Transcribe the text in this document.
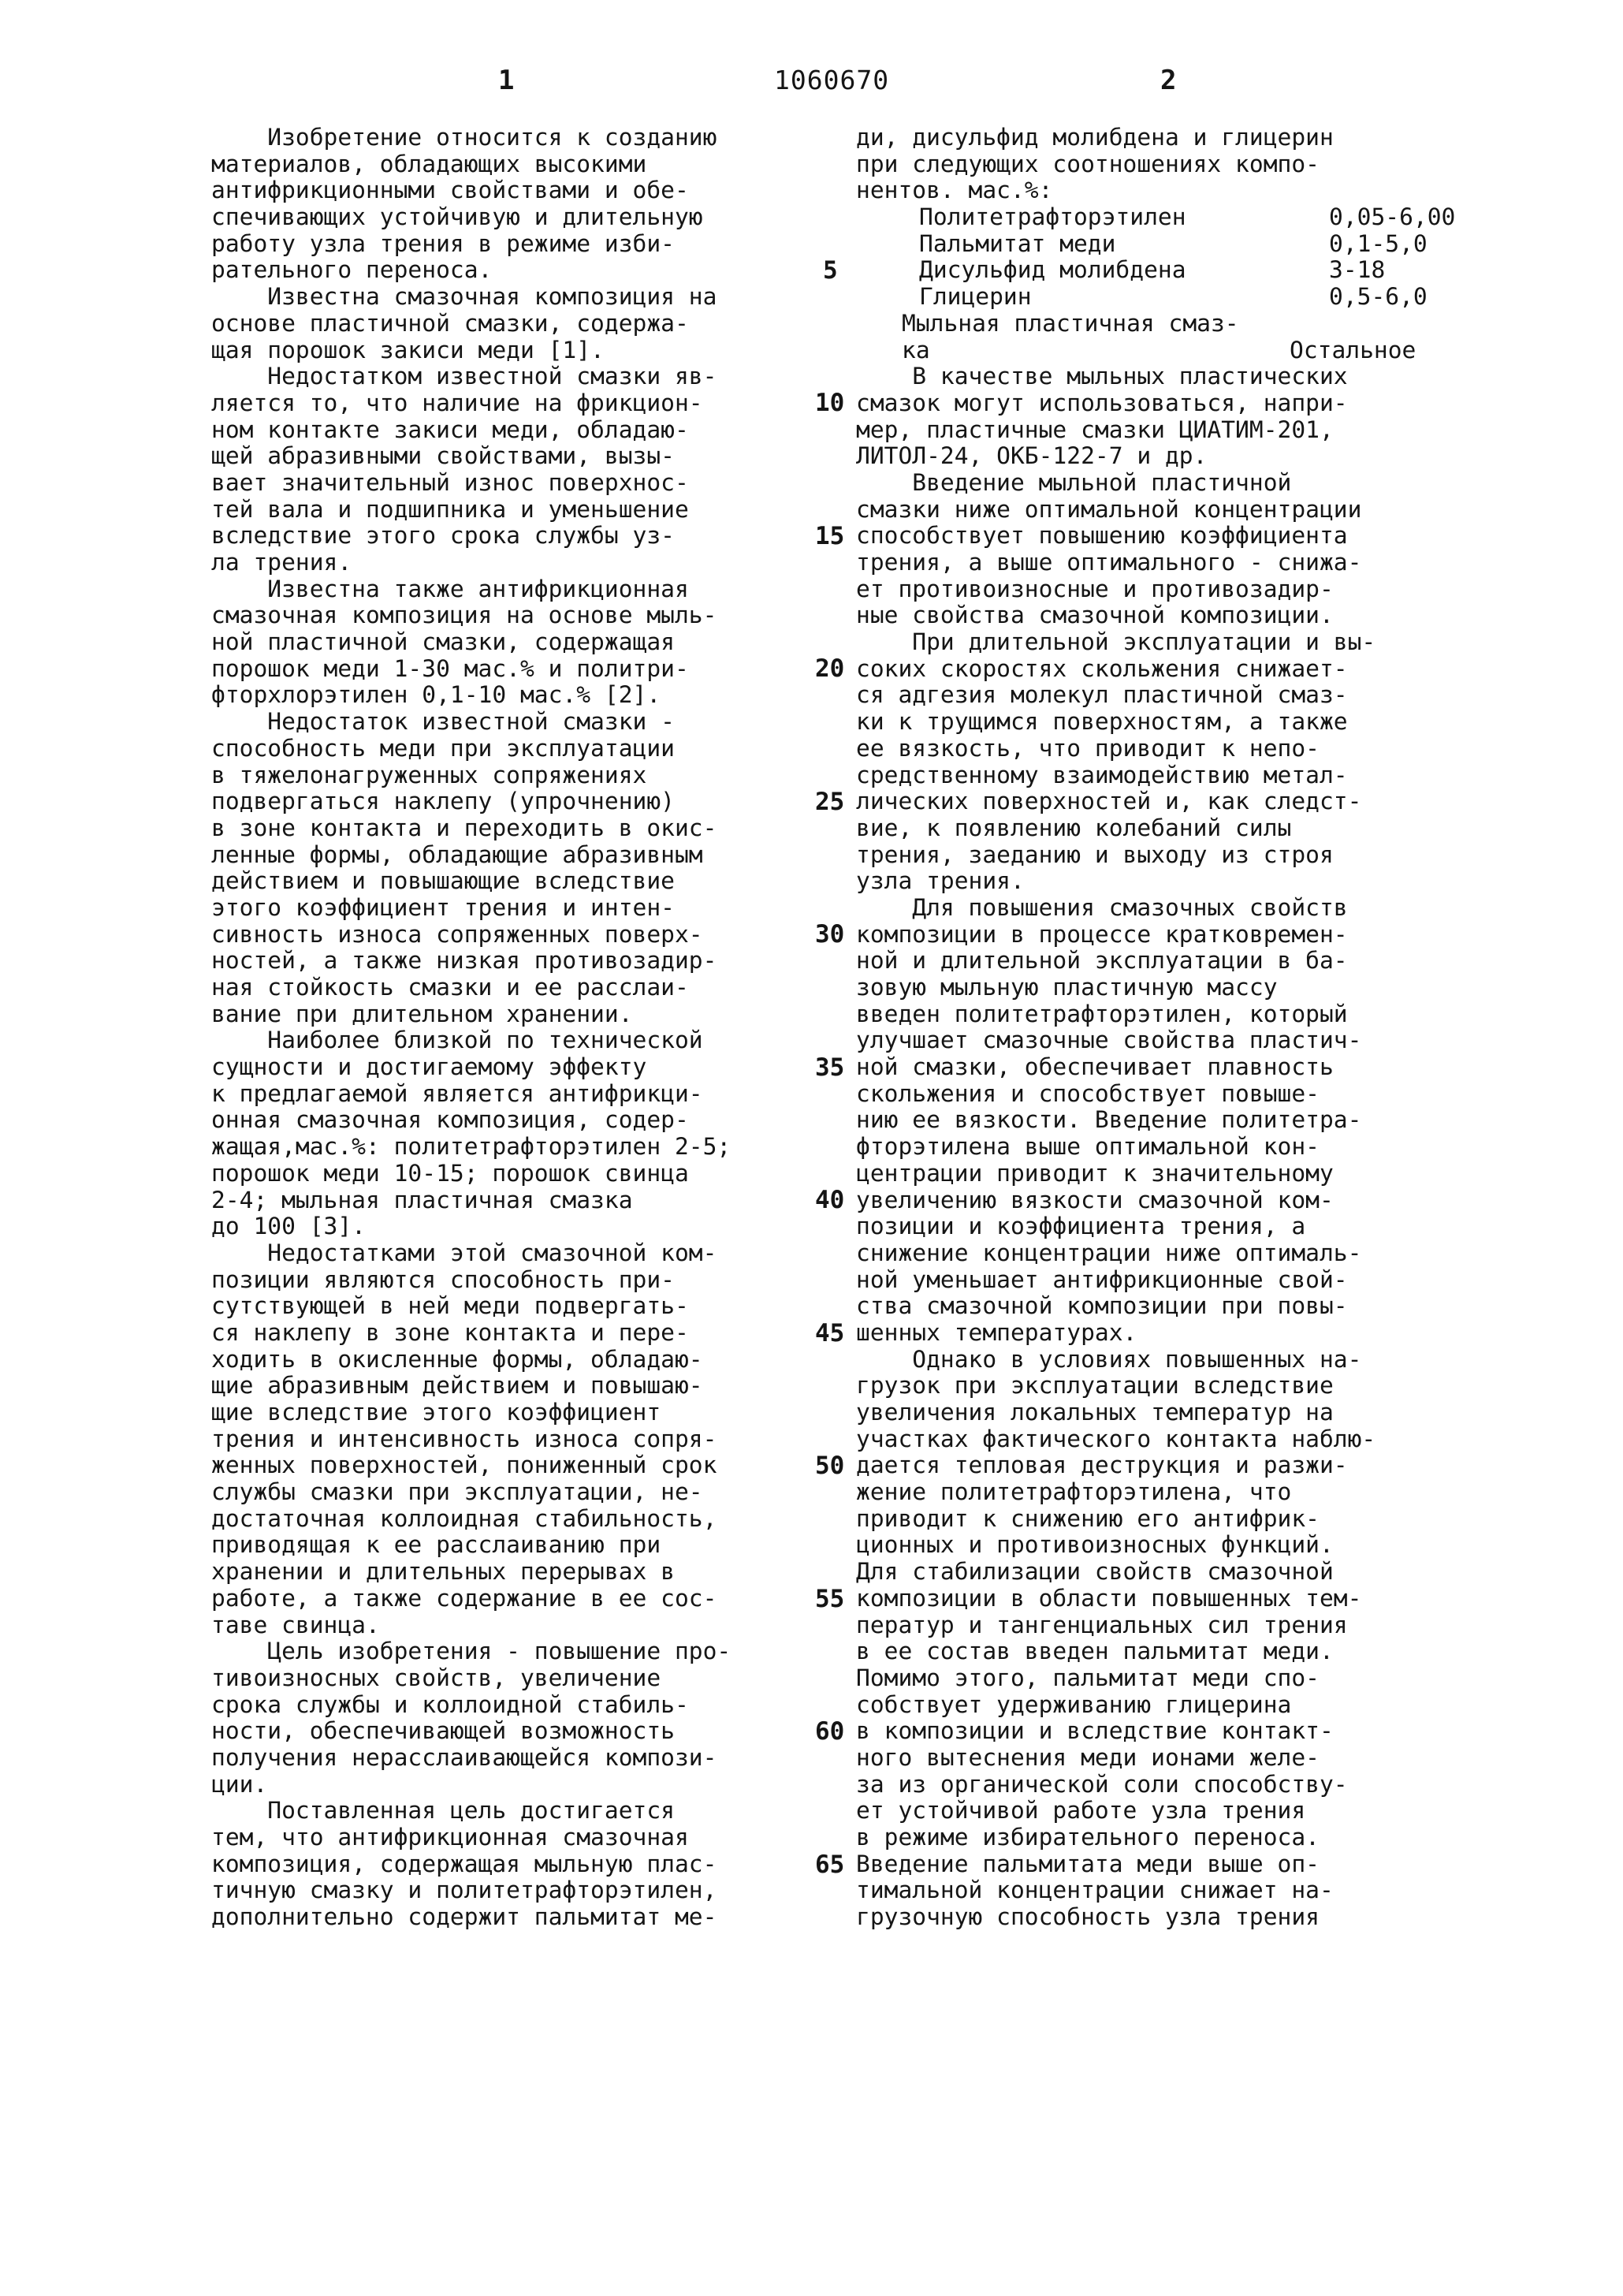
1	1060670	2
Изобретение относится к созданию
материалов, обладающих высокими
антифрикционными свойствами и обе-
спечивающих устойчивую и длительную
работу узла трения в режиме изби-
рательного переноса.
Известна смазочная композиция на
основе пластичной смазки, содержа-
щая порошок закиси меди [1].
Недостатком известной смазки яв-
ляется то, что наличие на фрикцион-
ном контакте закиси меди, обладаю-
щей абразивными свойствами, вызы-
вает значительный износ поверхнос-
тей вала и подшипника и уменьшение
вследствие этого срока службы уз-
ла трения.
Известна также антифрикционная
смазочная композиция на основе мыль-
ной пластичной смазки, содержащая
порошок меди 1-30 мас.% и политри-
фторхлорэтилен 0,1-10 мас.% [2].
Недостаток известной смазки -
способность меди при эксплуатации
в тяжелонагруженных сопряжениях
подвергаться наклепу (упрочнению)
в зоне контакта и переходить в окис-
ленные формы, обладающие абразивным
действием и повышающие вследствие
этого коэффициент трения и интен-
сивность износа сопряженных поверх-
ностей, а также низкая противозадир-
ная стойкость смазки и ее расслаи-
вание при длительном хранении.
Наиболее близкой по технической
сущности и достигаемому эффекту
к предлагаемой является антифрикци-
онная смазочная композиция, содер-
жащая,мас.%: политетрафторэтилен 2-5;
порошок меди 10-15; порошок свинца
2-4; мыльная пластичная смазка
до 100 [3].
Недостатками этой смазочной ком-
позиции являются способность при-
сутствующей в ней меди подвергать-
ся наклепу в зоне контакта и пере-
ходить в окисленные формы, обладаю-
щие абразивным действием и повышаю-
щие вследствие этого коэффициент
трения и интенсивность износа сопря-
женных поверхностей, пониженный срок
службы смазки при эксплуатации, не-
достаточная коллоидная стабильность,
приводящая к ее расслаиванию при
хранении и длительных перерывах в
работе, а также содержание в ее сос-
таве свинца.
Цель изобретения - повышение про-
тивоизносных свойств, увеличение
срока службы и коллоидной стабиль-
ности, обеспечивающей возможность
получения нерасслаивающейся компози-
ции.
Поставленная цель достигается
тем, что антифрикционная смазочная
композиция, содержащая мыльную плас-
тичную смазку и политетрафторэтилен,
дополнительно содержит пальмитат ме-
ди, дисульфид молибдена и глицерин
при следующих соотношениях компо-
нентов. мас.%:
Политетрафторэтилен	0,05-6,00
Пальмитат меди	0,1-5,0
Дисульфид молибдена	3-18
Глицерин	0,5-6,0
Мыльная пластичная смаз-
ка	Остальное
В качестве мыльных пластических
смазок могут использоваться, напри-
мер, пластичные смазки ЦИАТИМ-201,
ЛИТОЛ-24, ОКБ-122-7 и др.
Введение мыльной пластичной
смазки ниже оптимальной концентрации
способствует повышению коэффициента
трения, а выше оптимального - снижа-
ет противоизносные и противозадир-
ные свойства смазочной композиции.
При длительной эксплуатации и вы-
соких скоростях скольжения снижает-
ся адгезия молекул пластичной смаз-
ки к трущимся поверхностям, а также
ее вязкость, что приводит к непо-
средственному взаимодействию метал-
лических поверхностей и, как следст-
вие, к появлению колебаний силы
трения, заеданию и выходу из строя
узла трения.
Для повышения смазочных свойств
композиции в процессе кратковремен-
ной и длительной эксплуатации в ба-
зовую мыльную пластичную массу
введен политетрафторэтилен, который
улучшает смазочные свойства пластич-
ной смазки, обеспечивает плавность
скольжения и способствует повыше-
нию ее вязкости. Введение политетра-
фторэтилена выше оптимальной кон-
центрации приводит к значительному
увеличению вязкости смазочной ком-
позиции и коэффициента трения, а
снижение концентрации ниже оптималь-
ной уменьшает антифрикционные свой-
ства смазочной композиции при повы-
шенных температурах.
Однако в условиях повышенных на-
грузок при эксплуатации вследствие
увеличения локальных температур на
участках фактического контакта наблю-
дается тепловая деструкция и разжи-
жение политетрафторэтилена, что
приводит к снижению его антифрик-
ционных и противоизносных функций.
Для стабилизации свойств смазочной
композиции в области повышенных тем-
ператур и тангенциальных сил трения
в ее состав введен пальмитат меди.
Помимо этого, пальмитат меди спо-
собствует удерживанию глицерина
в композиции и вследствие контакт-
ного вытеснения меди ионами желе-
за из органической соли способству-
ет устойчивой работе узла трения
в режиме избирательного переноса.
Введение пальмитата меди выше оп-
тимальной концентрации снижает на-
грузочную способность узла трения
5
10
15
20
25
30
35
40
45
50
55
60
65
